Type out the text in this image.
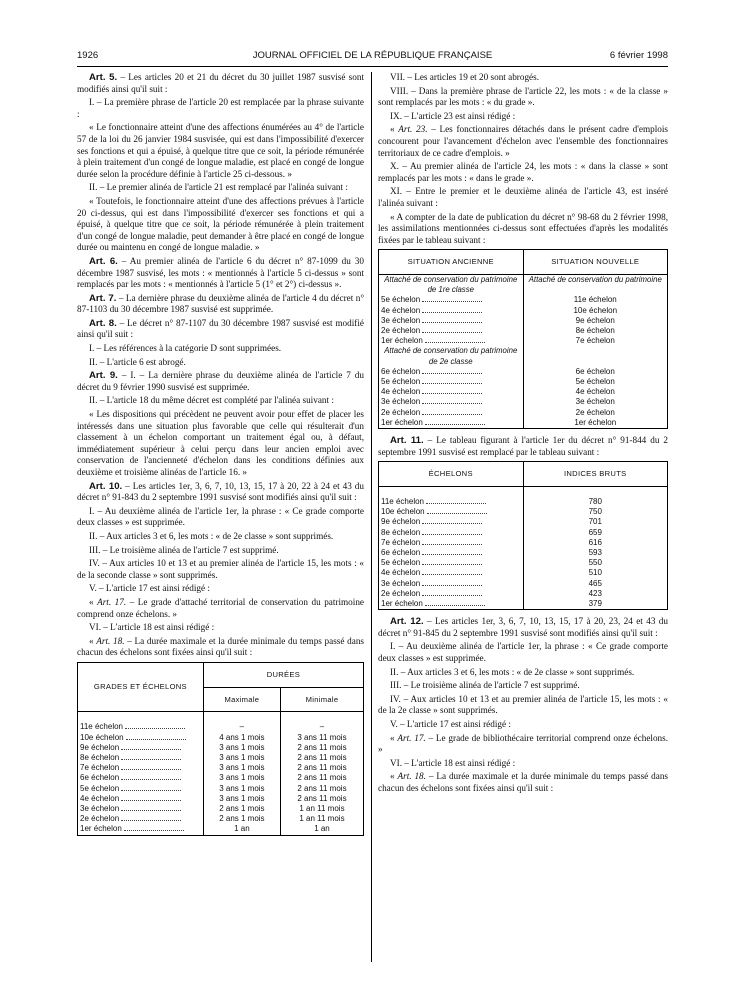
1926	JOURNAL OFFICIEL DE LA RÉPUBLIQUE FRANÇAISE	6 février 1998

Art. 5. – Les articles 20 et 21 du décret du 30 juillet 1987 susvisé sont modifiés ainsi qu'il suit :

I. – La première phrase de l'article 20 est remplacée par la phrase suivante :

« Le fonctionnaire atteint d'une des affections énumérées au 4° de l'article 57 de la loi du 26 janvier 1984 susvisée, qui est dans l'impossibilité d'exercer ses fonctions et qui a épuisé, à quelque titre que ce soit, la période rémunérée à plein traitement d'un congé de longue maladie, est placé en congé de longue durée selon la procédure définie à l'article 25 ci-dessous. »

II. – Le premier alinéa de l'article 21 est remplacé par l'alinéa suivant :

« Toutefois, le fonctionnaire atteint d'une des affections prévues à l'article 20 ci-dessus, qui est dans l'impossibilité d'exercer ses fonctions et qui a épuisé, à quelque titre que ce soit, la période rémunérée à plein traitement d'un congé de longue maladie, peut demander à être placé en congé de longue durée ou maintenu en congé de longue maladie. »

Art. 6. – Au premier alinéa de l'article 6 du décret n° 87-1099 du 30 décembre 1987 susvisé, les mots : « mentionnés à l'article 5 ci-dessus » sont remplacés par les mots : « mentionnés à l'article 5 (1° et 2°) ci-dessus ».

Art. 7. – La dernière phrase du deuxième alinéa de l'article 4 du décret n° 87-1103 du 30 décembre 1987 susvisé est supprimée.

Art. 8. – Le décret n° 87-1107 du 30 décembre 1987 susvisé est modifié ainsi qu'il suit :

I. – Les références à la catégorie D sont supprimées.

II. – L'article 6 est abrogé.

Art. 9. – I. – La dernière phrase du deuxième alinéa de l'article 7 du décret du 9 février 1990 susvisé est supprimée.

II. – L'article 18 du même décret est complété par l'alinéa suivant :

« Les dispositions qui précèdent ne peuvent avoir pour effet de placer les intéressés dans une situation plus favorable que celle qui résulterait d'un classement à un échelon comportant un traitement égal ou, à défaut, immédiatement supérieur à celui perçu dans leur ancien emploi avec conservation de l'ancienneté d'échelon dans les conditions définies aux deuxième et troisième alinéas de l'article 16. »

Art. 10. – Les articles 1er, 3, 6, 7, 10, 13, 15, 17 à 20, 22 à 24 et 43 du décret n° 91-843 du 2 septembre 1991 susvisé sont modifiés ainsi qu'il suit :

I. – Au deuxième alinéa de l'article 1er, la phrase : « Ce grade comporte deux classes » est supprimée.

II. – Aux articles 3 et 6, les mots : « de 2e classe » sont supprimés.

III. – Le troisième alinéa de l'article 7 est supprimé.

IV. – Aux articles 10 et 13 et au premier alinéa de l'article 15, les mots : « de la seconde classe » sont supprimés.

V. – L'article 17 est ainsi rédigé :

« Art. 17. – Le grade d'attaché territorial de conservation du patrimoine comprend onze échelons. »

VI. – L'article 18 est ainsi rédigé :

« Art. 18. – La durée maximale et la durée minimale du temps passé dans chacun des échelons sont fixées ainsi qu'il suit :

GRADES ET ÉCHELONS	DURÉES	
	Maximale	Minimale

11e échelon	–	–
10e échelon	4 ans 1 mois	3 ans 11 mois
9e échelon	3 ans 1 mois	2 ans 11 mois
8e échelon	3 ans 1 mois	2 ans 11 mois
7e échelon	3 ans 1 mois	2 ans 11 mois
6e échelon	3 ans 1 mois	2 ans 11 mois
5e échelon	3 ans 1 mois	2 ans 11 mois
4e échelon	3 ans 1 mois	2 ans 11 mois
3e échelon	2 ans 1 mois	1 an 11 mois
2e échelon	2 ans 1 mois	1 an 11 mois
1er échelon	1 an	1 an

VII. – Les articles 19 et 20 sont abrogés.

VIII. – Dans la première phrase de l'article 22, les mots : « de la classe » sont remplacés par les mots : « du grade ».

IX. – L'article 23 est ainsi rédigé :

« Art. 23. – Les fonctionnaires détachés dans le présent cadre d'emplois concourent pour l'avancement d'échelon avec l'ensemble des fonctionnaires territoriaux de ce cadre d'emplois. »

X. – Au premier alinéa de l'article 24, les mots : « dans la classe » sont remplacés par les mots : « dans le grade ».

XI. – Entre le premier et le deuxième alinéa de l'article 43, est inséré l'alinéa suivant :

« A compter de la date de publication du décret n° 98-68 du 2 février 1998, les assimilations mentionnées ci-dessus sont effectuées d'après les modalités fixées par le tableau suivant :

SITUATION ANCIENNE	SITUATION NOUVELLE
Attaché de conservation du patrimoine de 1re classe	Attaché de conservation du patrimoine
5e échelon	11e échelon
4e échelon	10e échelon
3e échelon	9e échelon
2e échelon	8e échelon
1er échelon	7e échelon
Attaché de conservation du patrimoine de 2e classe	
6e échelon	6e échelon
5e échelon	5e échelon
4e échelon	4e échelon
3e échelon	3e échelon
2e échelon	2e échelon
1er échelon	1er échelon

Art. 11. – Le tableau figurant à l'article 1er du décret n° 91-844 du 2 septembre 1991 susvisé est remplacé par le tableau suivant :

ÉCHELONS	INDICES BRUTS

11e échelon	780
10e échelon	750
9e échelon	701
8e échelon	659
7e échelon	616
6e échelon	593
5e échelon	550
4e échelon	510
3e échelon	465
2e échelon	423
1er échelon	379

Art. 12. – Les articles 1er, 3, 6, 7, 10, 13, 15, 17 à 20, 23, 24 et 43 du décret n° 91-845 du 2 septembre 1991 susvisé sont modifiés ainsi qu'il suit :

I. – Au deuxième alinéa de l'article 1er, la phrase : « Ce grade comporte deux classes » est supprimée.

II. – Aux articles 3 et 6, les mots : « de 2e classe » sont supprimés.

III. – Le troisième alinéa de l'article 7 est supprimé.

IV. – Aux articles 10 et 13 et au premier alinéa de l'article 15, les mots : « de la 2e classe » sont supprimés.

V. – L'article 17 est ainsi rédigé :

« Art. 17. – Le grade de bibliothécaire territorial comprend onze échelons. »

VI. – L'article 18 est ainsi rédigé :

« Art. 18. – La durée maximale et la durée minimale du temps passé dans chacun des échelons sont fixées ainsi qu'il suit :
